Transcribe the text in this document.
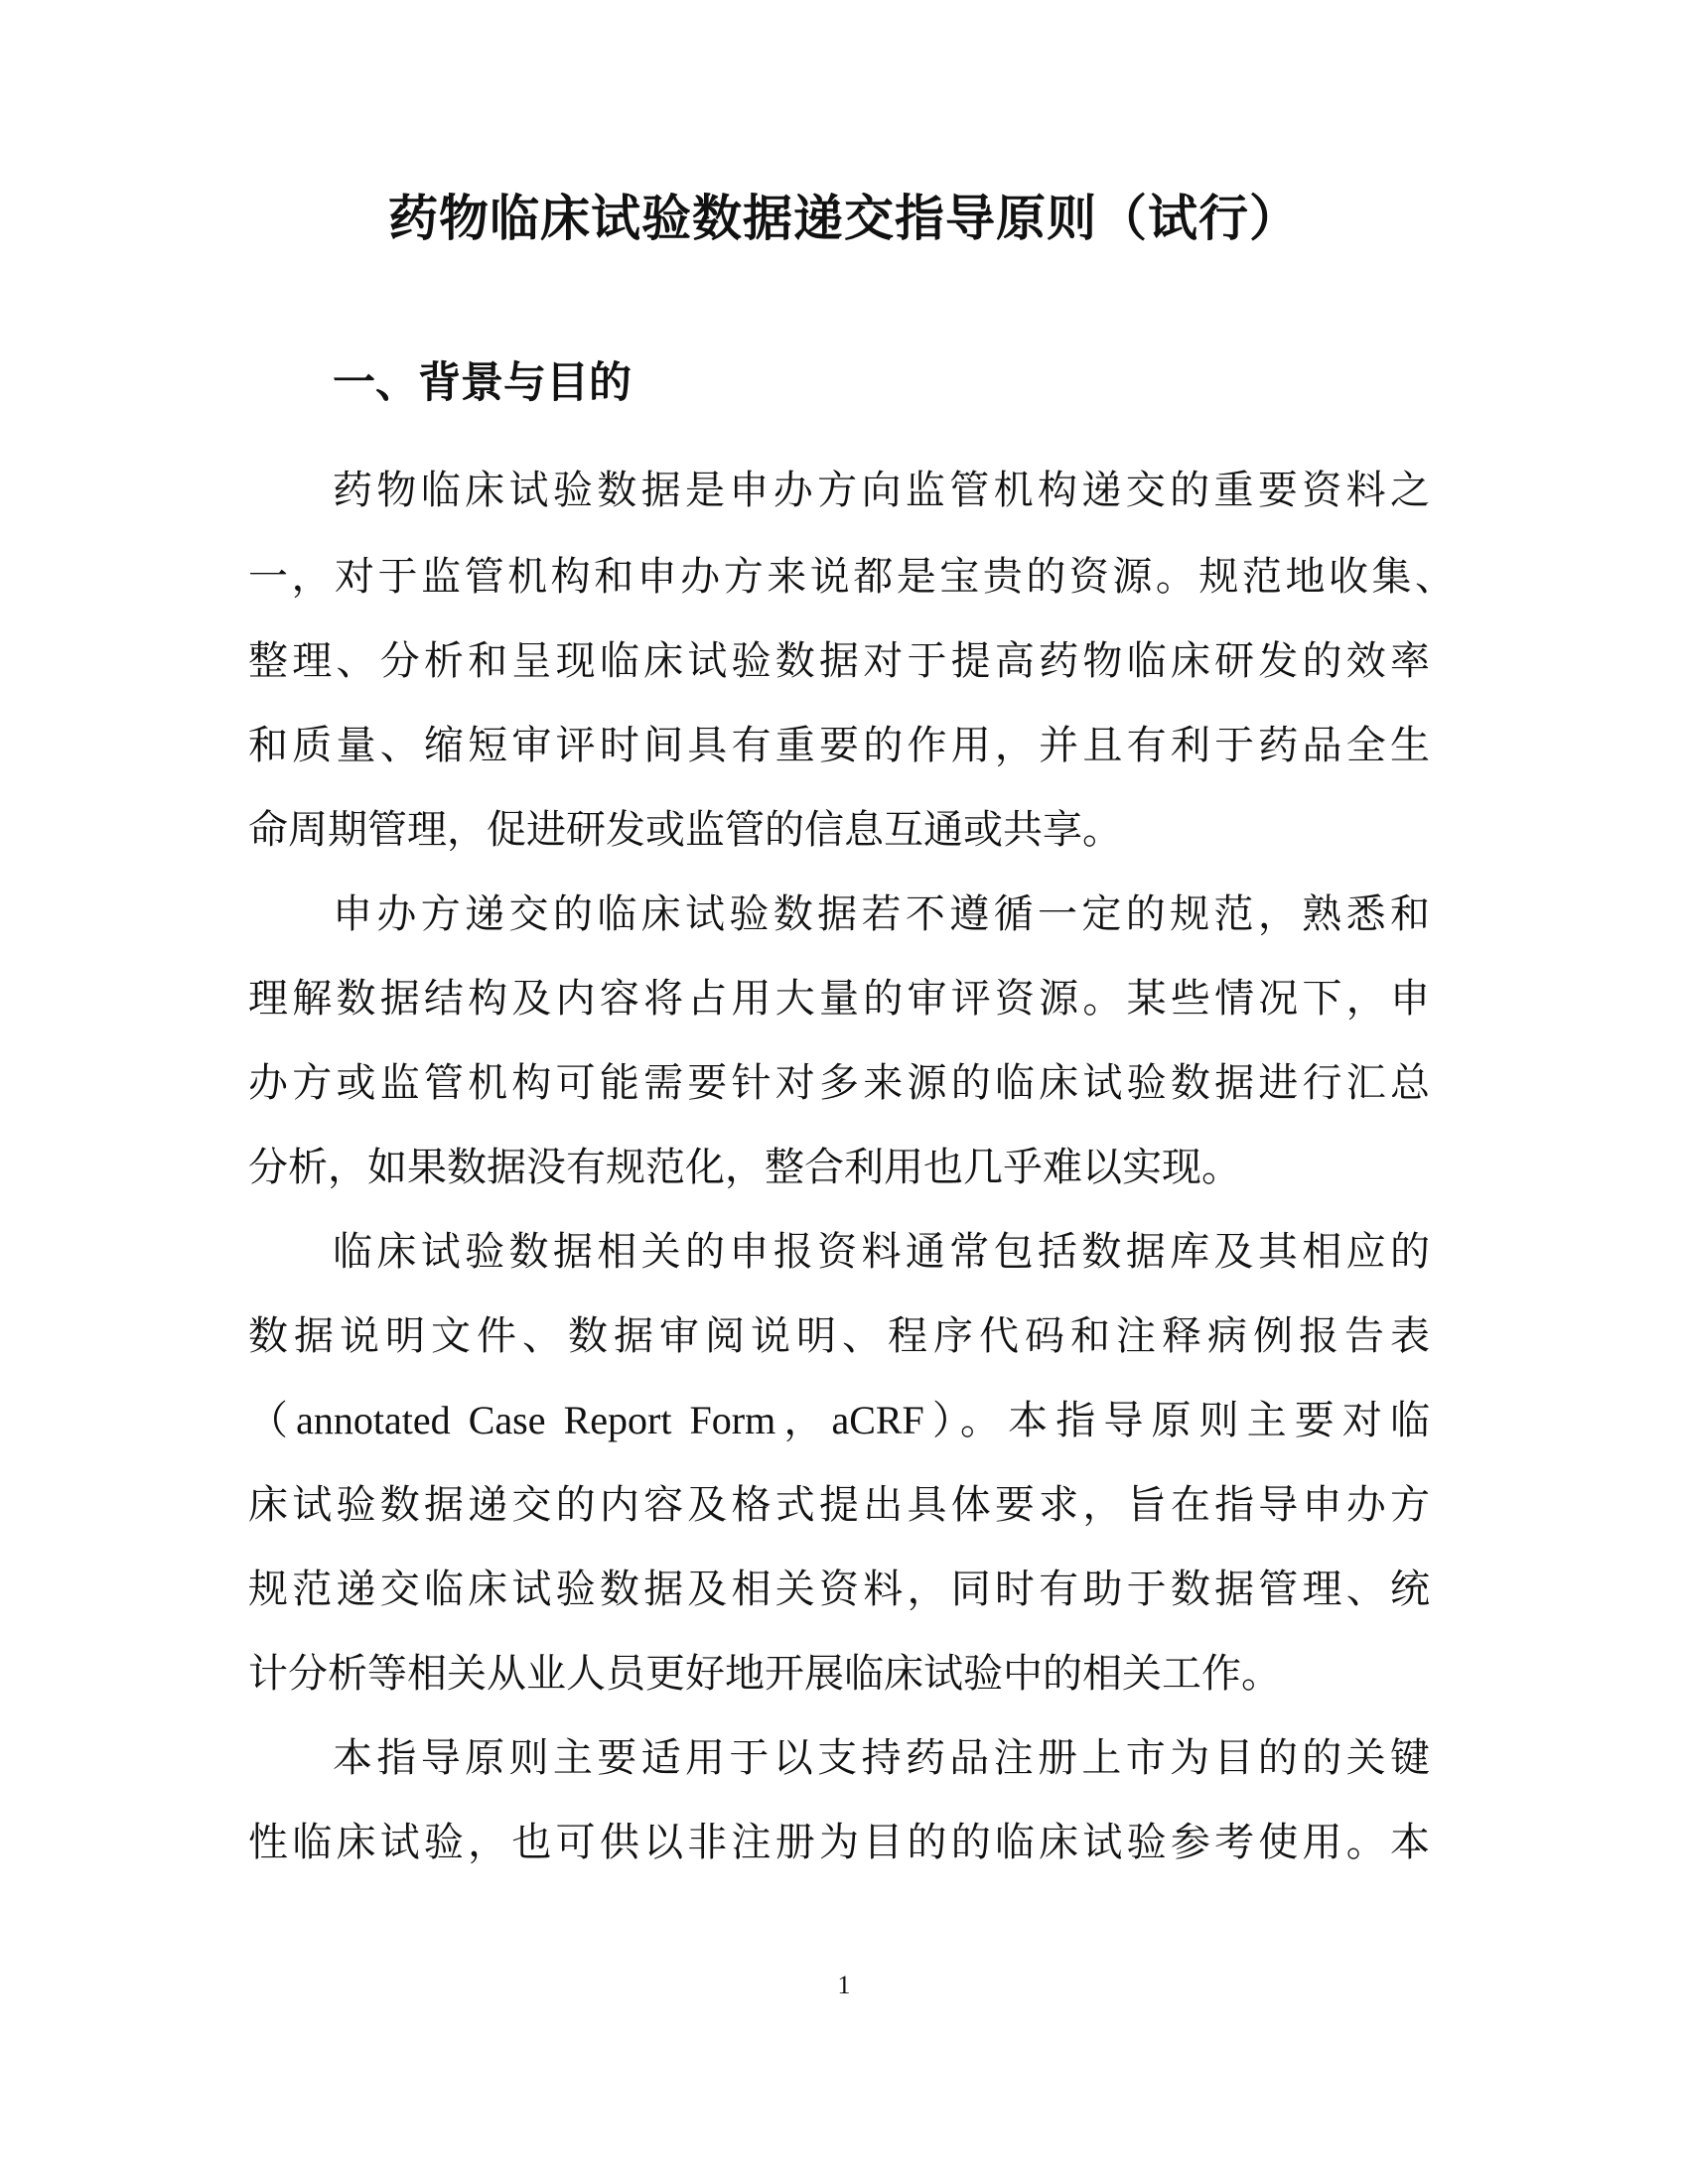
药物临床试验数据递交指导原则（试行）
一、背景与目的
药物临床试验数据是申办方向监管机构递交的重要资料之
一，对于监管机构和申办方来说都是宝贵的资源。规范地收集、
整理、分析和呈现临床试验数据对于提高药物临床研发的效率
和质量、缩短审评时间具有重要的作用，并且有利于药品全生
命周期管理，促进研发或监管的信息互通或共享。
申办方递交的临床试验数据若不遵循一定的规范，熟悉和
理解数据结构及内容将占用大量的审评资源。某些情况下，申
办方或监管机构可能需要针对多来源的临床试验数据进行汇总
分析，如果数据没有规范化，整合利用也几乎难以实现。
临床试验数据相关的申报资料通常包括数据库及其相应的
数据说明文件、数据审阅说明、程序代码和注释病例报告表
（annotated Case Report Form，aCRF）。本指导原则主要对临
床试验数据递交的内容及格式提出具体要求，旨在指导申办方
规范递交临床试验数据及相关资料，同时有助于数据管理、统
计分析等相关从业人员更好地开展临床试验中的相关工作。
本指导原则主要适用于以支持药品注册上市为目的的关键
性临床试验，也可供以非注册为目的的临床试验参考使用。本
1
